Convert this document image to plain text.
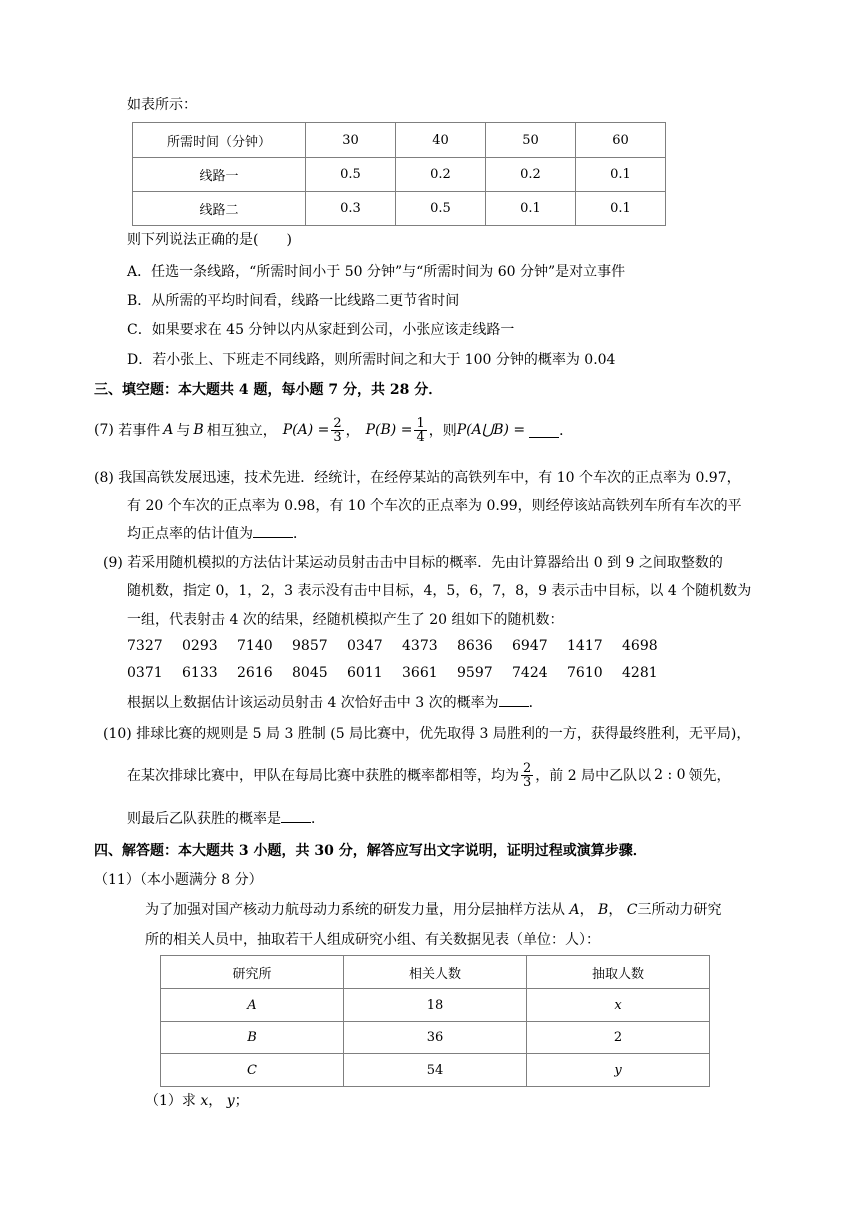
如表所示：
所需时间（分钟）	30	40	50	60
线路一	0.5	0.2	0.2	0.1
线路二	0.3	0.5	0.1	0.1
则下列说法正确的是(　　)
A．任选一条线路，“所需时间小于 50 分钟”与“所需时间为 60 分钟”是对立事件
B．从所需的平均时间看，线路一比线路二更节省时间
C．如果要求在 45 分钟以内从家赶到公司，小张应该走线路一
D．若小张上、下班走不同线路，则所需时间之和大于 100 分钟的概率为 0.04
三、填空题：本大题共 4 题，每小题 7 分，共 28 分．
(7)
若事件 A 与 B 相互独立， $P(A) = \frac{2}{3}$ ， $P(B) = \frac{1}{4}$ ，则 P(A⋃B) = ．
(8) 我国高铁发展迅速，技术先进．经统计，在经停某站的高铁列车中，有 10 个车次的正点率为 0.97，
有 20 个车次的正点率为 0.98，有 10 个车次的正点率为 0.99，则经停该站高铁列车所有车次的平
均正点率的估计值为	．
(9) 若采用随机模拟的方法估计某运动员射击击中目标的概率．先由计算器给出 0 到 9 之间取整数的
随机数，指定 0，1，2，3 表示没有击中目标，4，5，6，7，8，9 表示击中目标，以 4 个随机数为
一组，代表射击 4 次的结果，经随机模拟产生了 20 组如下的随机数：
7327 0293 7140 9857 0347 4373 8636 6947 1417 4698
0371 6133 2616 8045 6011 3661 9597 7424 7610 4281
根据以上数据估计该运动员射击 4 次恰好击中 3 次的概率为 ．
(10) 排球比赛的规则是 5 局 3 胜制 (5 局比赛中，优先取得 3 局胜利的一方，获得最终胜利，无平局)，
在某次排球比赛中，甲队在每局比赛中获胜的概率都相等，均为 $\frac{2}{3}$ ，前 2 局中乙队以 2 : 0 领先，
则最后乙队获胜的概率是 ．
四、解答题：本大题共 3 小题，共 30 分，解答应写出文字说明，证明过程或演算步骤．
（11）（本小题满分 8 分）
为了加强对国产核动力航母动力系统的研发力量，用分层抽样方法从 A， B， C三所动力研究
所的相关人员中，抽取若干人组成研究小组、有关数据见表（单位：人）：
研究所	相关人数	抽取人数
A	18	x
B	36	2
C	54	y
（1）求 x， y；
